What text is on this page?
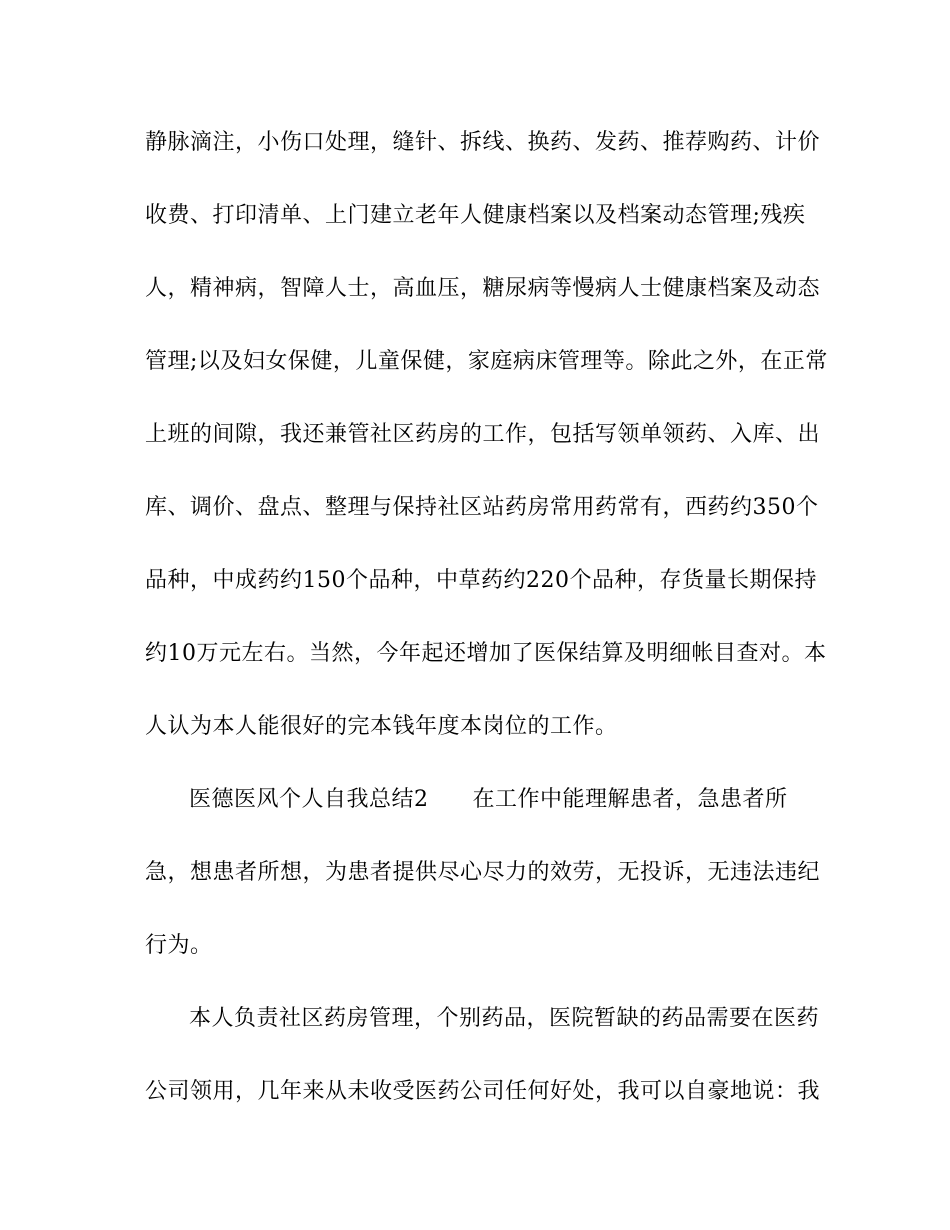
静脉滴注，小伤口处理，缝针、拆线、换药、发药、推荐购药、计价
收费、打印清单、上门建立老年人健康档案以及档案动态管理;残疾
人，精神病，智障人士，高血压，糖尿病等慢病人士健康档案及动态
管理;以及妇女保健，儿童保健，家庭病床管理等。除此之外，在正常
上班的间隙，我还兼管社区药房的工作，包括写领单领药、入库、出
库、调价、盘点、整理与保持社区站药房常用药常有，西药约350个
品种，中成药约150个品种，中草药约220个品种，存货量长期保持
约10万元左右。当然，今年起还增加了医保结算及明细帐目查对。本
人认为本人能很好的完本钱年度本岗位的工作。
医德医风个人自我总结2 在工作中能理解患者，急患者所
急，想患者所想，为患者提供尽心尽力的效劳，无投诉，无违法违纪
行为。
本人负责社区药房管理，个别药品，医院暂缺的药品需要在医药
公司领用，几年来从未收受医药公司任何好处，我可以自豪地说：我
